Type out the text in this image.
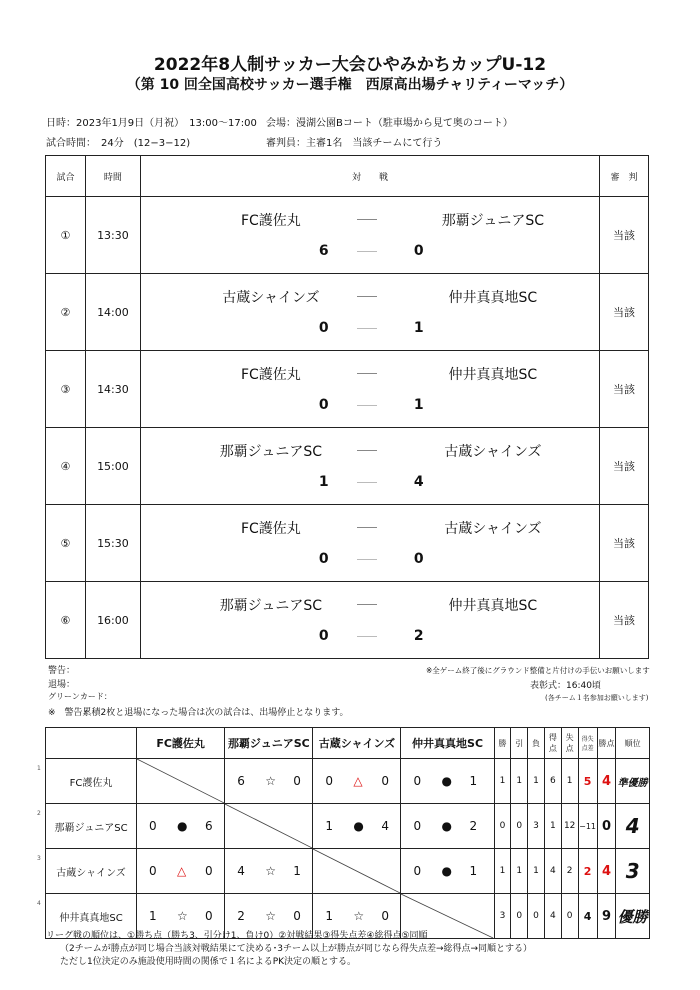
2022年8人制サッカー大会ひやみかちカップU-12
（第 10 回全国高校サッカー選手権　西原高出場チャリティーマッチ）
日時：2023年1月9日（月祝）　13:00〜17:00 会場：漫湖公園Bコート（駐車場から見て奥のコート）
試合時間：　24分　(12−3−12)	審判員：主審1名　当該チームにて行う
試合	時間	対　　戦	審　判
①	13:30	FC護佐丸 那覇ジュニアSC
6 0	当該
②	14:00	古蔵シャインズ 仲井真真地SC
0 1	当該
③	14:30	FC護佐丸 仲井真真地SC
0 1	当該
④	15:00	那覇ジュニアSC 古蔵シャインズ
1 4	当該
⑤	15:30	FC護佐丸 古蔵シャインズ
0 0	当該
⑥	16:00	那覇ジュニアSC 仲井真真地SC
0 2	当該
警告：
退場：
グリーンカード：
※　警告累積2枚と退場になった場合は次の試合は、出場停止となります。
※全ゲーム終了後にグラウンド整備と片付けの手伝いお願いします
表彰式：16:40頃
(各チーム１名参加お願いします)
	FC護佐丸	那覇ジュニアSC	古蔵シャインズ	仲井真真地SC	勝	引	負	得点	失点	得失点差	勝点	順位

1
FC護佐丸		6 ☆ 0	0 △ 0	0 ● 1	1	1	1	6	1	5	4	準優勝

2
那覇ジュニアSC	0 ● 6		1 ● 4	0 ● 2	0	0	3	1	12	−11	0	4

3
古蔵シャインズ	0 △ 0	4 ☆ 1		0 ● 1	1	1	1	4	2	2	4	3

4
仲井真真地SC	1 ☆ 0	2 ☆ 0	1 ☆ 0		3	0	0	4	0	4	9	優勝
リーグ戦の順位は、①勝ち点（勝ち3、引分け1、負け0）②対戦結果③得失点差④総得点⑤同順
（2チームが勝点が同じ場合当該対戦結果にて決める･3チーム以上が勝点が同じなら得失点差→総得点→同順とする）
ただし1位決定のみ施設使用時間の関係で１名によるPK決定の順とする。
